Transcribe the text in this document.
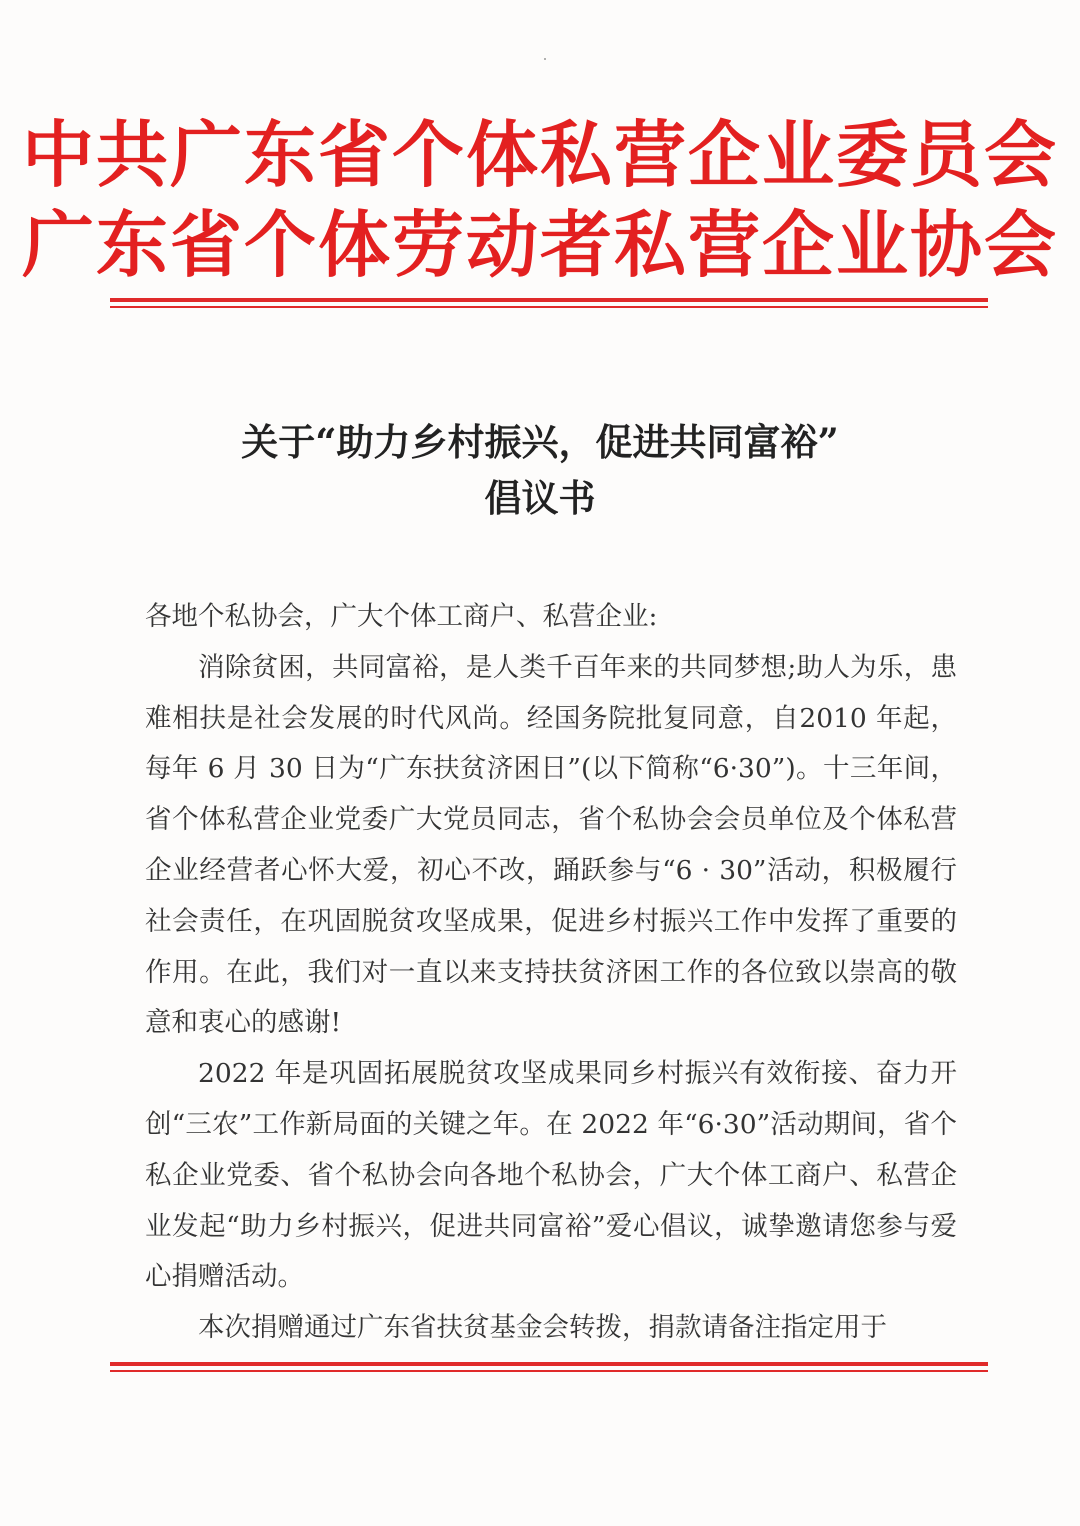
中共广东省个体私营企业委员会
广东省个体劳动者私营企业协会
关于“助力乡村振兴，促进共同富裕”
倡议书

各地个私协会，广大个体工商户、私营企业:

消除贫困，共同富裕，是人类千百年来的共同梦想;助人为乐，患难相扶是社会发展的时代风尚。经国务院批复同意，自2010 年起，每年 6 月 30 日为“广东扶贫济困日”(以下简称“6·30”)。十三年间，省个体私营企业党委广大党员同志，省个私协会会员单位及个体私营企业经营者心怀大爱，初心不改，踊跃参与“6 · 30”活动，积极履行社会责任，在巩固脱贫攻坚成果，促进乡村振兴工作中发挥了重要的作用。在此，我们对一直以来支持扶贫济困工作的各位致以崇高的敬意和衷心的感谢!

2022 年是巩固拓展脱贫攻坚成果同乡村振兴有效衔接、奋力开创“三农”工作新局面的关键之年。在 2022 年“6·30”活动期间，省个私企业党委、省个私协会向各地个私协会，广大个体工商户、私营企业发起“助力乡村振兴，促进共同富裕”爱心倡议，诚挚邀请您参与爱心捐赠活动。

本次捐赠通过广东省扶贫基金会转拨，捐款请备注指定用于
